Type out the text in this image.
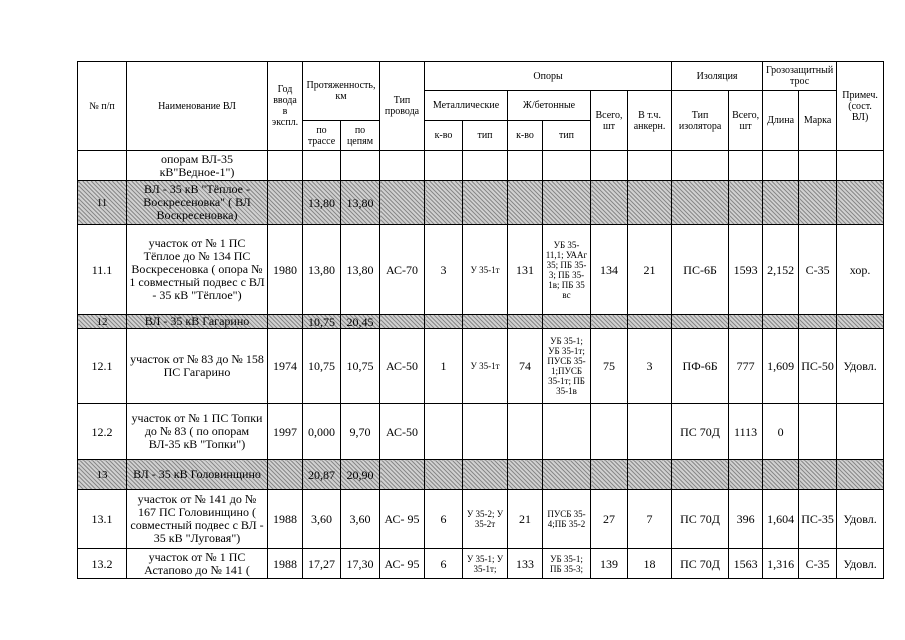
№ п/п	Наименование ВЛ	Год ввода в экспл.	Протяженность, км		Тип провода	Опоры						Изоляция		Грозозащитный трос		Примеч. (сост. ВЛ)
						Металлические		Ж/бетонные		Всего, шт	В т.ч. анкерн.	Тип изолятора	Всего, шт	Длина	Марка	
			по трассе	по цепям		к-во	тип	к-во	тип							
	опорам ВЛ-35 кВ"Ведное-1")															
11	ВЛ - 35 кВ "Тёплое - Воскресеновка" ( ВЛ Воскресеновка)		13,80	13,80												
11.1	участок от № 1 ПС Тёплое до № 134 ПС Воскресеновка ( опора № 1 совместный подвес с ВЛ - 35 кВ "Тёплое")	1980	13,80	13,80	АС-70	3	У 35-1т	131	УБ 35-11,1; УААг 35; ПБ 35-3; ПБ 35-1в; ПБ 35 вс	134	21	ПС-6Б	1593	2,152	С-35	хор.
12	ВЛ - 35 кВ Гагарино		10,75	20,45												
12.1	участок от № 83 до № 158 ПС Гагарино	1974	10,75	10,75	АС-50	1	У 35-1т	74	УБ 35-1; УБ 35-1т; ПУСБ 35-1;ПУСБ 35-1т; ПБ 35-1в	75	3	ПФ-6Б	777	1,609	ПС-50	Удовл.
12.2	участок от № 1 ПС Топки до № 83 ( по опорам ВЛ-35 кВ "Топки")	1997	0,000	9,70	АС-50							ПС 70Д	1113	0		
13	ВЛ - 35 кВ Головинщино		20,87	20,90												
13.1	участок от № 141 до № 167 ПС Головинщино ( совместный подвес с ВЛ - 35 кВ "Луговая")	1988	3,60	3,60	АС- 95	6	У 35-2; У 35-2т	21	ПУСБ 35-4;ПБ 35-2	27	7	ПС 70Д	396	1,604	ПС-35	Удовл.
13.2	участок от № 1 ПС Астапово до № 141 (	1988	17,27	17,30	АС- 95	6	У 35-1; У 35-1т;	133	УБ 35-1; ПБ 35-3;	139	18	ПС 70Д	1563	1,316	С-35	Удовл.
